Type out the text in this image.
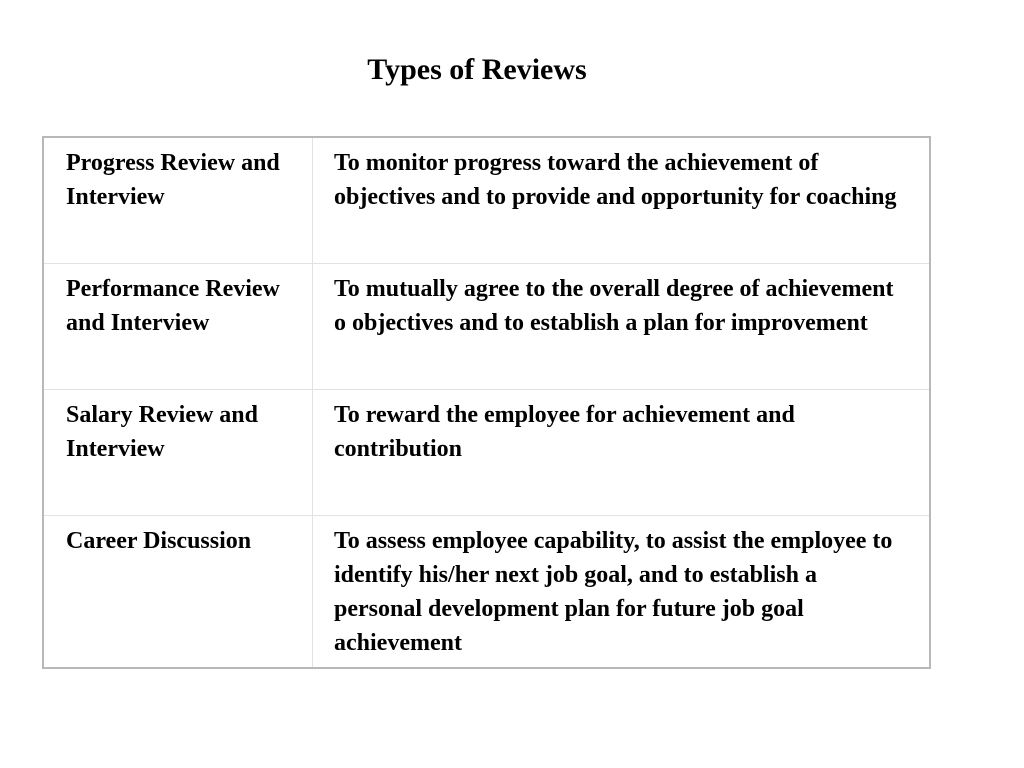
Types of Reviews
Progress Review and Interview	To monitor progress toward the achievement of objectives and to provide and opportunity for coaching
Performance Review and Interview	To mutually agree to the overall degree of achievement o objectives and to establish a plan for improvement
Salary Review and Interview	To reward the employee for achievement and contribution
Career Discussion	To assess employee capability, to assist the employee to identify his/her next job goal, and to establish a personal development plan for future job goal achievement
